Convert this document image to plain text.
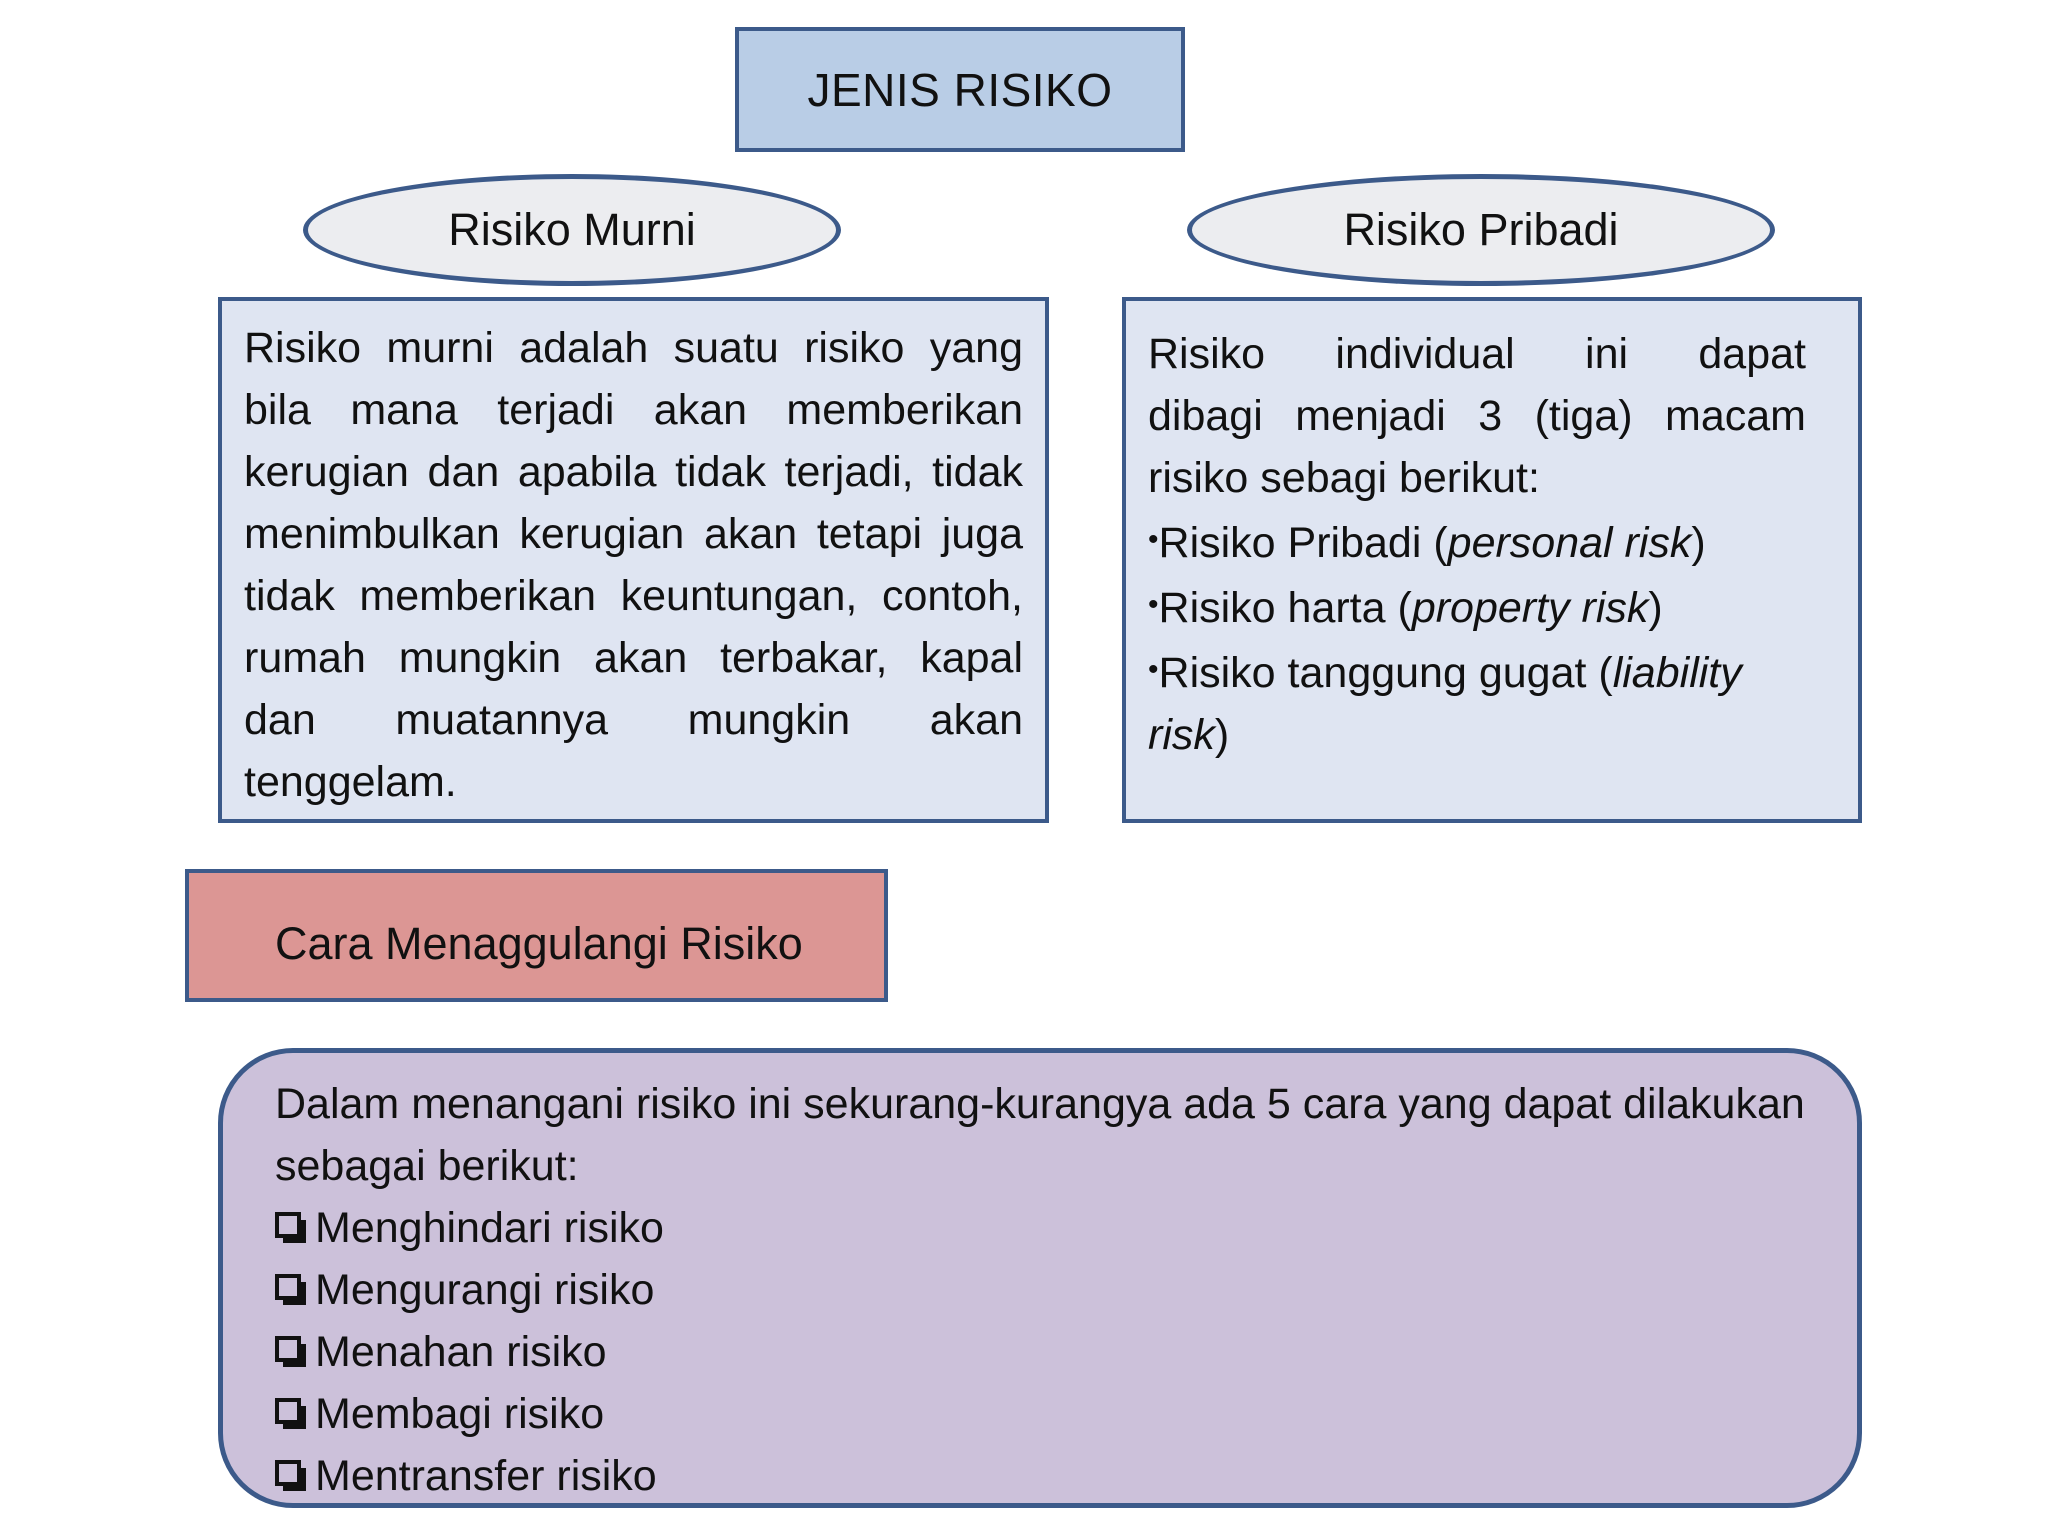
JENIS RISIKO
Risiko Murni	Risiko Pribadi

Risiko murni adalah suatu risiko yang bila mana terjadi akan memberikan kerugian dan apabila tidak terjadi, tidak menimbulkan kerugian akan tetapi juga tidak memberikan keuntungan, contoh, rumah mungkin akan terbakar, kapal dan muatannya mungkin akan tenggelam.

Risiko individual ini dapat

dibagi menjadi 3 (tiga) macam

risiko sebagi berikut:

•Risiko Pribadi (personal risk)
•Risiko harta (property risk)
•Risiko tanggung gugat (liability risk)
Cara Menaggulangi Risiko

Dalam menangani risiko ini sekurang-kurangya ada 5 cara yang dapat dilakukan sebagai berikut:

Menghindari risiko
Mengurangi risiko
Menahan risiko
Membagi risiko
Mentransfer risiko
